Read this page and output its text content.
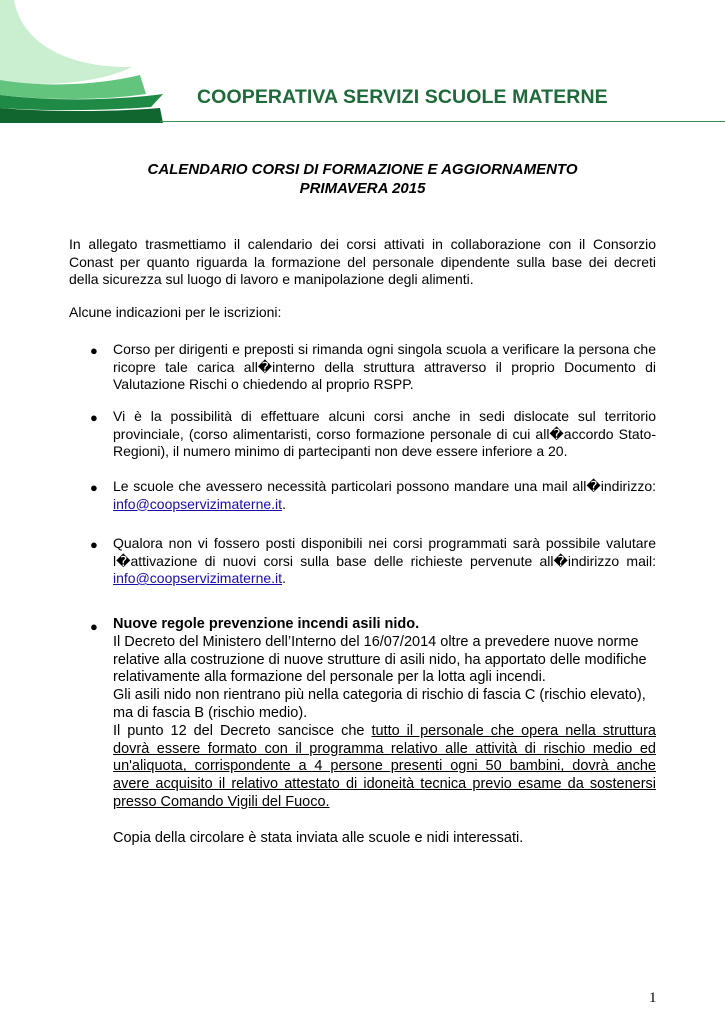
COOPERATIVA SERVIZI SCUOLE MATERNE
CALENDARIO CORSI DI FORMAZIONE E AGGIORNAMENTO
PRIMAVERA 2015
In allegato trasmettiamo il calendario dei corsi attivati in collaborazione con il Consorzio Conast per quanto riguarda la formazione del personale dipendente sulla base dei decreti della sicurezza sul luogo di lavoro e manipolazione degli alimenti.
Alcune indicazioni per le iscrizioni:
● Corso per dirigenti e preposti si rimanda ogni singola scuola a verificare la persona che ricopre tale carica all�interno della struttura attraverso il proprio Documento di Valutazione Rischi o chiedendo al proprio RSPP.
● Vi è la possibilità di effettuare alcuni corsi anche in sedi dislocate sul territorio provinciale, (corso alimentaristi, corso formazione personale di cui all�accordo Stato- Regioni), il numero minimo di partecipanti non deve essere inferiore a 20.
● Le scuole che avessero necessità particolari possono mandare una mail all�indirizzo: info@coopservizimaterne.it.
● Qualora non vi fossero posti disponibili nei corsi programmati sarà possibile valutare l�attivazione di nuovi corsi sulla base delle richieste pervenute all�indirizzo mail: info@coopservizimaterne.it.
● Nuove regole prevenzione incendi asili nido.
Il Decreto del Ministero dell’Interno del 16/07/2014 oltre a prevedere nuove norme
relative alla costruzione di nuove strutture di asili nido, ha apportato delle modifiche
relativamente alla formazione del personale per la lotta agli incendi.
Gli asili nido non rientrano più nella categoria di rischio di fascia C (rischio elevato),
ma di fascia B (rischio medio).
Il punto 12 del Decreto sancisce che tutto il personale che opera nella struttura
dovrà essere formato con il programma relativo alle attività di rischio medio ed
un'aliquota, corrispondente a 4 persone presenti ogni 50 bambini, dovrà anche
avere acquisito il relativo attestato di idoneità tecnica previo esame da sostenersi
presso Comando Vigili del Fuoco.
Copia della circolare è stata inviata alle scuole e nidi interessati.
1
